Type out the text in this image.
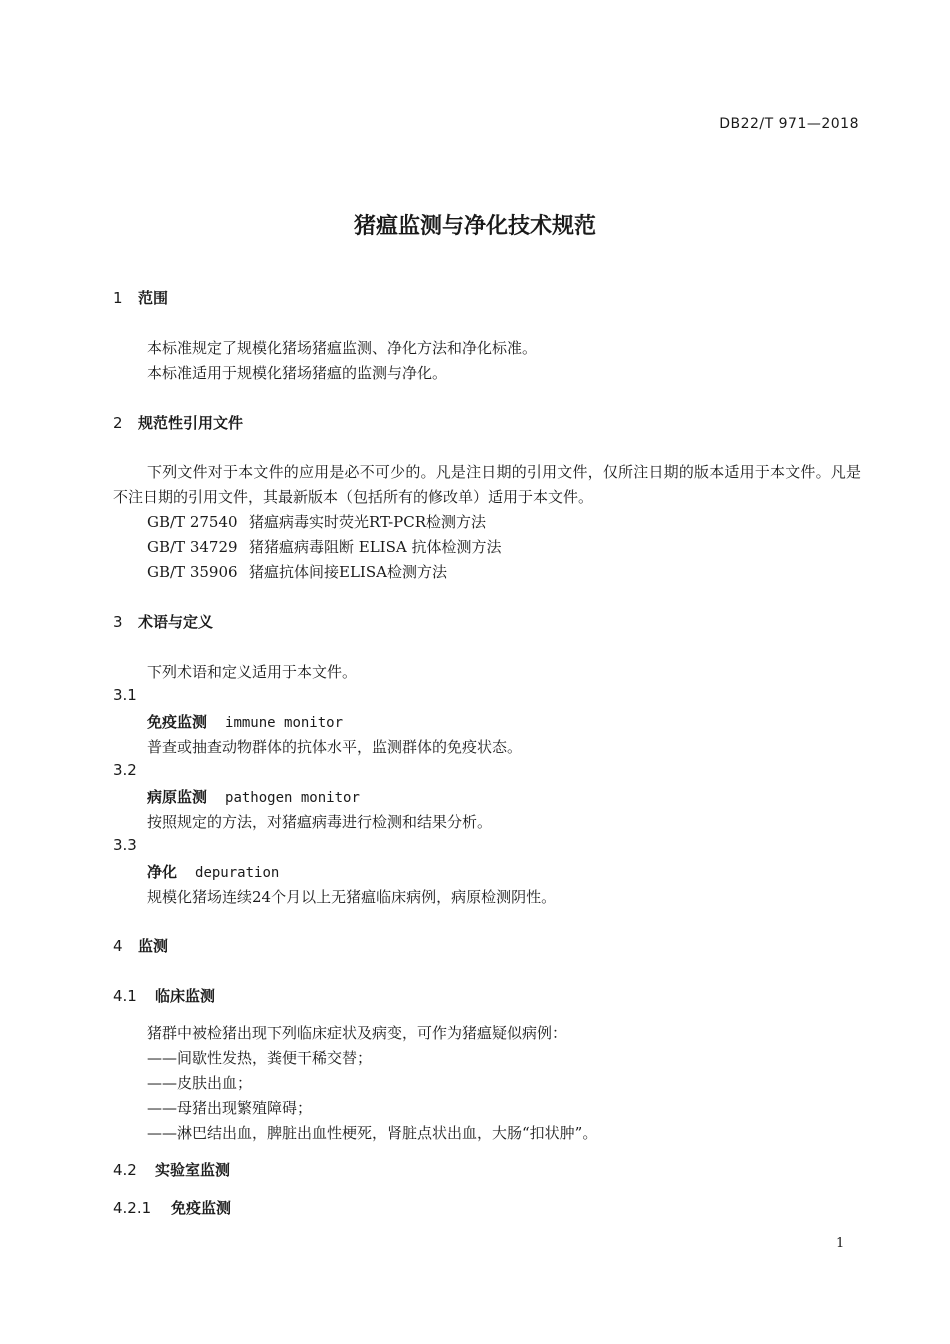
DB22/T 971—2018
猪瘟监测与净化技术规范
1 范围
本标准规定了规模化猪场猪瘟监测、净化方法和净化标准。
本标准适用于规模化猪场猪瘟的监测与净化。
2 规范性引用文件
下列文件对于本文件的应用是必不可少的。凡是注日期的引用文件，仅所注日期的版本适用于本文件。凡是不注日期的引用文件，其最新版本（包括所有的修改单）适用于本文件。
GB/T 27540 猪瘟病毒实时荧光RT-PCR检测方法
GB/T 34729 猪猪瘟病毒阻断 ELISA 抗体检测方法
GB/T 35906 猪瘟抗体间接ELISA检测方法
3 术语与定义
下列术语和定义适用于本文件。
3.1
免疫监测 immune monitor
普查或抽查动物群体的抗体水平，监测群体的免疫状态。
3.2
病原监测 pathogen monitor
按照规定的方法，对猪瘟病毒进行检测和结果分析。
3.3
净化 depuration
规模化猪场连续24个月以上无猪瘟临床病例，病原检测阴性。
4 监测
4.1 临床监测
猪群中被检猪出现下列临床症状及病变，可作为猪瘟疑似病例：
——间歇性发热，粪便干稀交替；
——皮肤出血；
——母猪出现繁殖障碍；
——淋巴结出血，脾脏出血性梗死，肾脏点状出血，大肠“扣状肿”。
4.2 实验室监测
4.2.1 免疫监测
1
